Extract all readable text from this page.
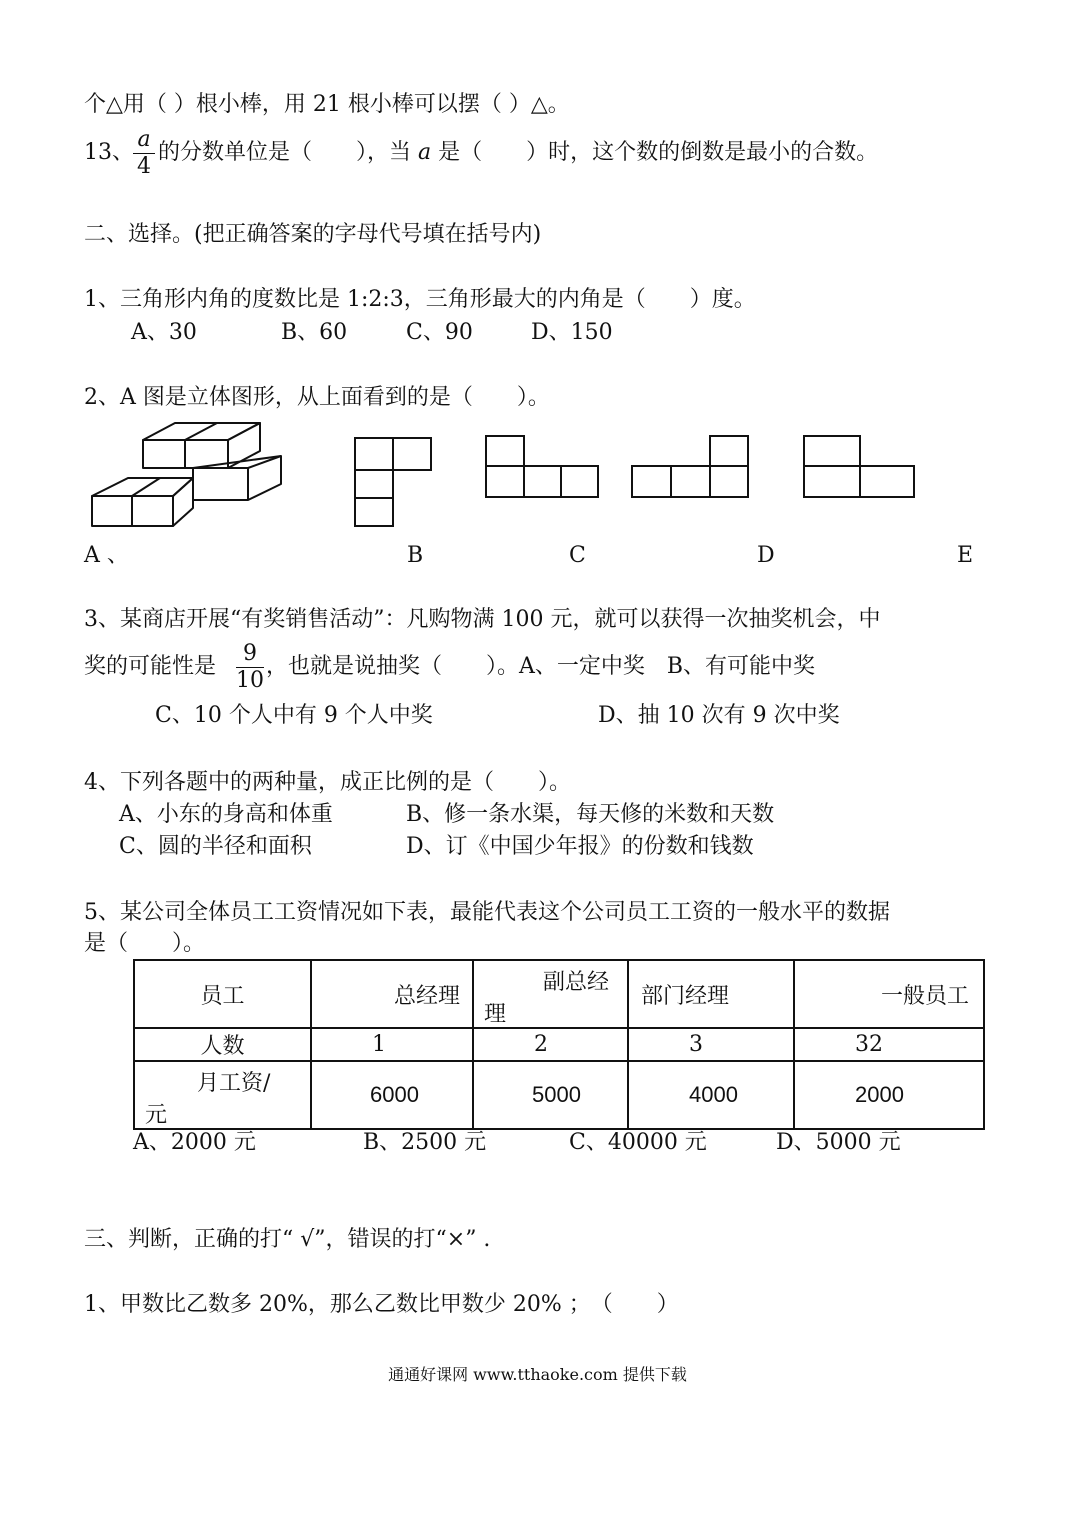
个△用（ ）根小棒，用 21 根小棒可以摆（ ）△。
13、
a
4
的分数单位是（　　），当 a 是（　　）时，这个数的倒数是最小的合数。
二、选择。(把正确答案的字母代号填在括号内)
1、三角形内角的度数比是 1:2:3，三角形最大的内角是（　　）度。
A、30	B、60	C、90	D、150
2、A 图是立体图形，从上面看到的是（　　）。
A 、	B	C	D	E
3、某商店开展“有奖销售活动”：凡购物满 100 元，就可以获得一次抽奖机会，中
奖的可能性是
9
10
，也就是说抽奖（　　）。A、一定中奖　B、有可能中奖
C、10 个人中有 9 个人中奖	D、抽 10 次有 9 次中奖
4、下列各题中的两种量，成正比例的是（　　）。
A、小东的身高和体重	B、修一条水渠，每天修的米数和天数
C、圆的半径和面积	D、订《中国少年报》的份数和钱数
5、某公司全体员工工资情况如下表，最能代表这个公司员工工资的一般水平的数据
是（　　）。
员工	总经理	副总经
理	部门经理	一般员工
人数	1	2	3	32

月工资/
元	6000	5000	4000	2000
A、2000 元	B、2500 元	C、40000 元	D、5000 元
三、判断，正确的打“ √”，错误的打“×” .
1、甲数比乙数多 20%，那么乙数比甲数少 20% ；　（　　）
通通好课网 www.tthaoke.com 提供下载
